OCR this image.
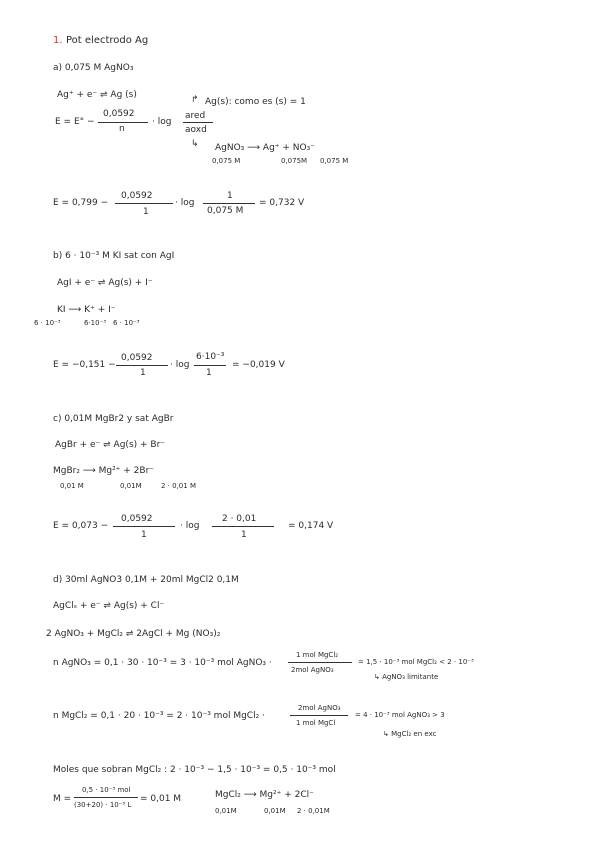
1. Pot electrodo Ag
a) 0,075 M AgNO₃
Ag⁺ + e⁻ ⇌ Ag (s)
Ag(s): como es (s) = 1
E = E° −
0,0592
n
· log
ared
aoxd
↱
↳ AgNO₃ ⟶ Ag⁺ + NO₃⁻
0,075 M	0,075M 0,075 M
E = 0,799 −
0,0592
1
· log
1
0,075 M
= 0,732 V
b) 6 · 10⁻³ M KI sat con AgI
AgI + e⁻ ⇌ Ag(s) + I⁻
KI ⟶ K⁺ + I⁻
6 · 10⁻³	6·10⁻³ 6 · 10⁻³
E = −0,151 −
0,0592
1
· log
6·10⁻³
1
= −0,019 V
c) 0,01M MgBr2 y sat AgBr
AgBr + e⁻ ⇌ Ag(s) + Br⁻
MgBr₂ ⟶ Mg²⁺ + 2Br⁻
0,01 M	0,01M	2 · 0,01 M
E = 0,073 −
0,0592
1
· log
2 · 0,01
1
= 0,174 V
d) 30ml AgNO3 0,1M + 20ml MgCl2 0,1M
AgClₛ + e⁻ ⇌ Ag(s) + Cl⁻
2 AgNO₃ + MgCl₂ ⇌ 2AgCl + Mg (NO₃)₂
n AgNO₃ = 0,1 · 30 · 10⁻³ = 3 · 10⁻³ mol AgNO₃ ·
1 mol MgCl₂
2mol AgNO₃
= 1,5 · 10⁻³ mol MgCl₂ < 2 · 10⁻³
↳ AgNO₃ limitante
n MgCl₂ = 0,1 · 20 · 10⁻³ = 2 · 10⁻³ mol MgCl₂ ·
2mol AgNO₃
1 mol MgCl
= 4 · 10⁻³ mol AgNO₃ > 3
↳ MgCl₂ en exc
Moles que sobran MgCl₂ : 2 · 10⁻³ − 1,5 · 10⁻³ = 0,5 · 10⁻³ mol
M =
0,5 · 10⁻³ mol
(30+20) · 10⁻³ L
= 0,01 M	MgCl₂ ⟶ Mg²⁺ + 2Cl⁻
0,01M	0,01M 2 · 0,01M
